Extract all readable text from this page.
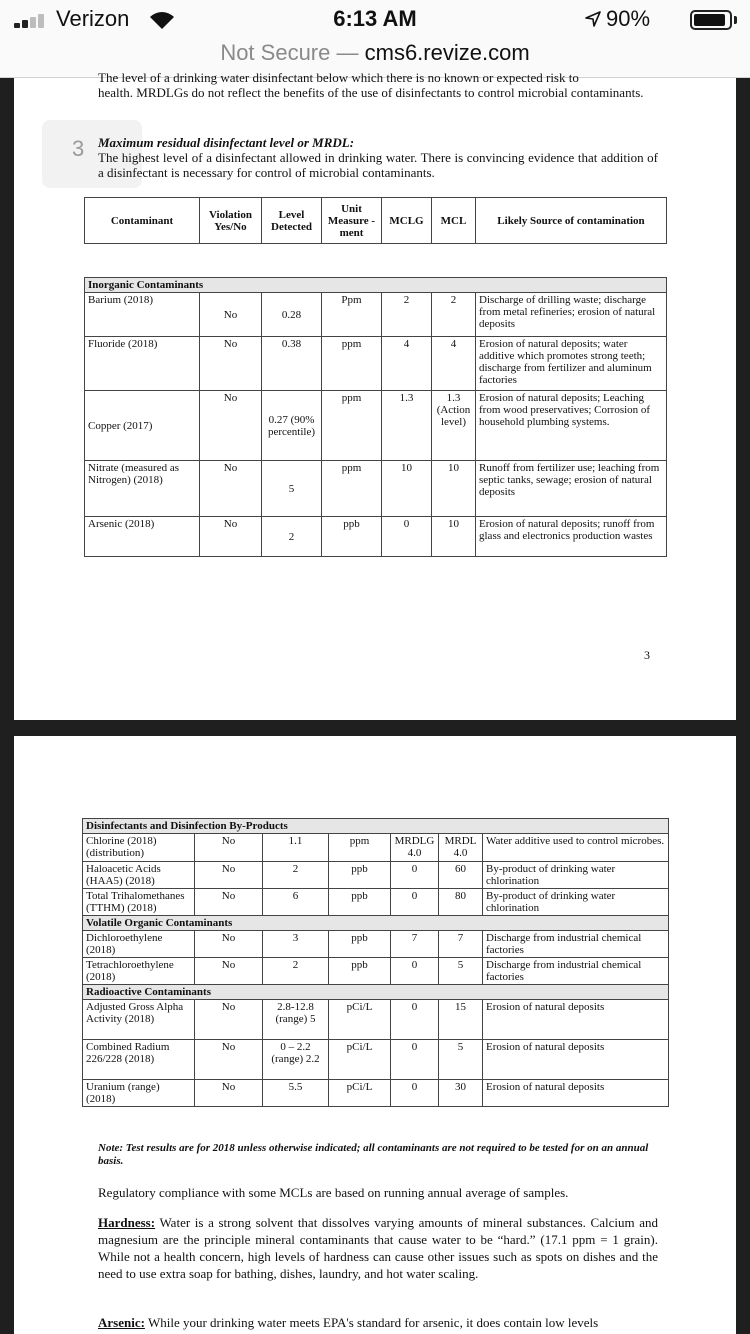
Verizon	6:13 AM	90%
Not Secure — cms6.revize.com
The level of a drinking water disinfectant below which there is no known or expected risk to
health. MRDLGs do not reflect the benefits of the use of disinfectants to control microbial contaminants.
3 Maximum residual disinfectant level or MRDL:
The highest level of a disinfectant allowed in drinking water. There is convincing evidence that addition of a disinfectant is necessary for control of microbial contaminants.
Contaminant	Violation Yes/No	Level Detected	Unit Measure -ment	MCLG	MCL	Likely Source of contamination
Inorganic Contaminants						
Barium (2018)	No	0.28	Ppm	2	2	Discharge of drilling waste; discharge from metal refineries; erosion of natural deposits
Fluoride (2018)	No	0.38	ppm	4	4	Erosion of natural deposits; water additive which promotes strong teeth; discharge from fertilizer and aluminum factories
Copper (2017)	No	0.27 (90% percentile)	ppm	1.3	1.3 (Action level)	Erosion of natural deposits; Leaching from wood preservatives; Corrosion of household plumbing systems.
Nitrate (measured as Nitrogen) (2018)	No	5	ppm	10	10	Runoff from fertilizer use; leaching from septic tanks, sewage; erosion of natural deposits
Arsenic (2018)	No	2	ppb	0	10	Erosion of natural deposits; runoff from glass and electronics production wastes
3
Disinfectants and Disinfection By-Products						
Chlorine (2018) (distribution)	No	1.1	ppm	MRDLG 4.0	MRDL 4.0	Water additive used to control microbes.
Haloacetic Acids (HAA5) (2018)	No	2	ppb	0	60	By-product of drinking water chlorination
Total Trihalomethanes (TTHM) (2018)	No	6	ppb	0	80	By-product of drinking water chlorination
Volatile Organic Contaminants						
Dichloroethylene (2018)	No	3	ppb	7	7	Discharge from industrial chemical factories
Tetrachloroethylene (2018)	No	2	ppb	0	5	Discharge from industrial chemical factories
Radioactive Contaminants						
Adjusted Gross Alpha Activity (2018)	No	2.8-12.8 (range) 5	pCi/L	0	15	Erosion of natural deposits
Combined Radium 226/228 (2018)	No	0 – 2.2 (range) 2.2	pCi/L	0	5	Erosion of natural deposits
Uranium (range) (2018)	No	5.5	pCi/L	0	30	Erosion of natural deposits
Note: Test results are for 2018 unless otherwise indicated; all contaminants are not required to be tested for on an annual basis.
Regulatory compliance with some MCLs are based on running annual average of samples.
Hardness: Water is a strong solvent that dissolves varying amounts of mineral substances. Calcium and magnesium are the principle mineral contaminants that cause water to be “hard.” (17.1 ppm = 1 grain). While not a health concern, high levels of hardness can cause other issues such as spots on dishes and the need to use extra soap for bathing, dishes, laundry, and hot water scaling.
Arsenic: While your drinking water meets EPA's standard for arsenic, it does contain low levels
